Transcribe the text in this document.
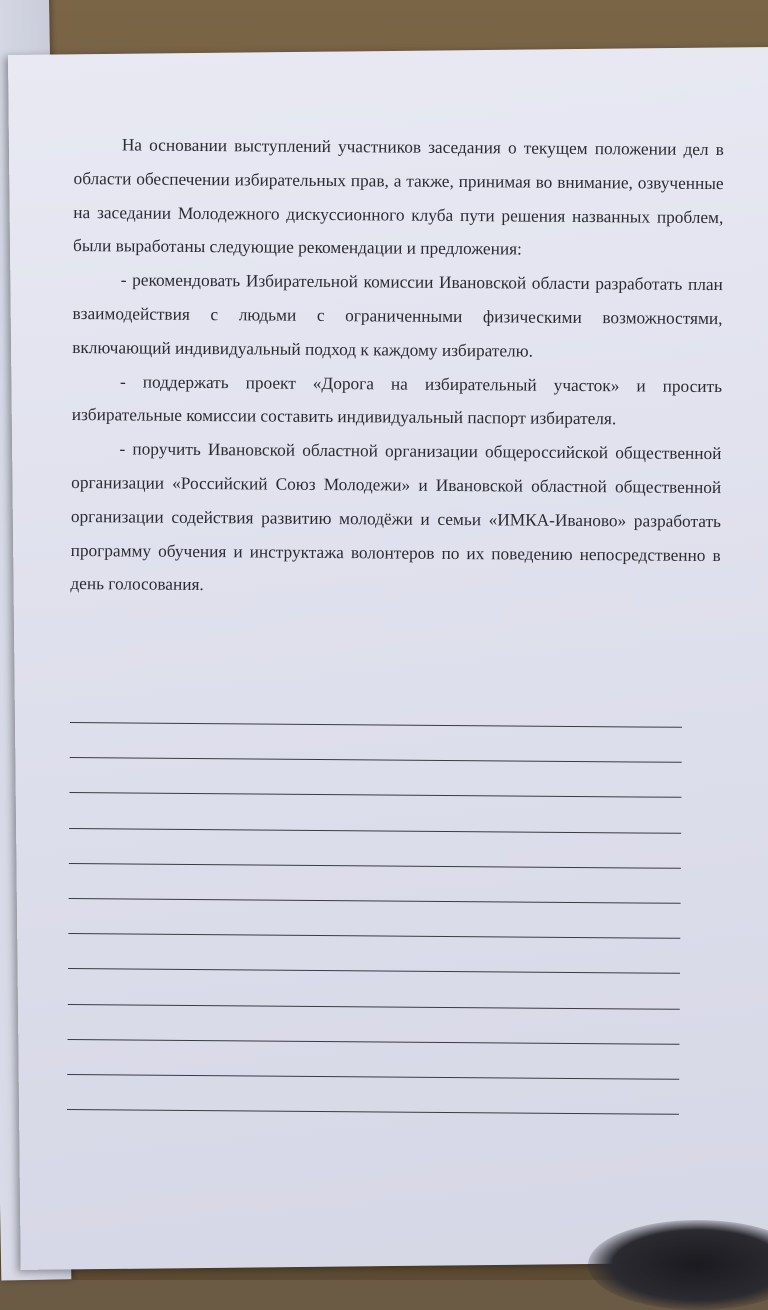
На основании выступлений участников заседания о текущем положении дел в области обеспечении избирательных прав, а также, принимая во внимание, озвученные на заседании Молодежного дискуссионного клуба пути решения названных проблем, были выработаны следующие рекомендации и предложения:

- рекомендовать Избирательной комиссии Ивановской области разработать план взаимодействия с людьми с ограниченными физическими возможностями, включающий индивидуальный подход к каждому избирателю.

- поддержать проект «Дорога на избирательный участок» и просить избирательные комиссии составить индивидуальный паспорт избирателя.

- поручить Ивановской областной организации общероссийской общественной организации «Российский Союз Молодежи» и Ивановской областной общественной организации содействия развитию молодёжи и семьи «ИМКА-Иваново» разработать программу обучения и инструктажа волонтеров по их поведению непосредственно в день голосования.
